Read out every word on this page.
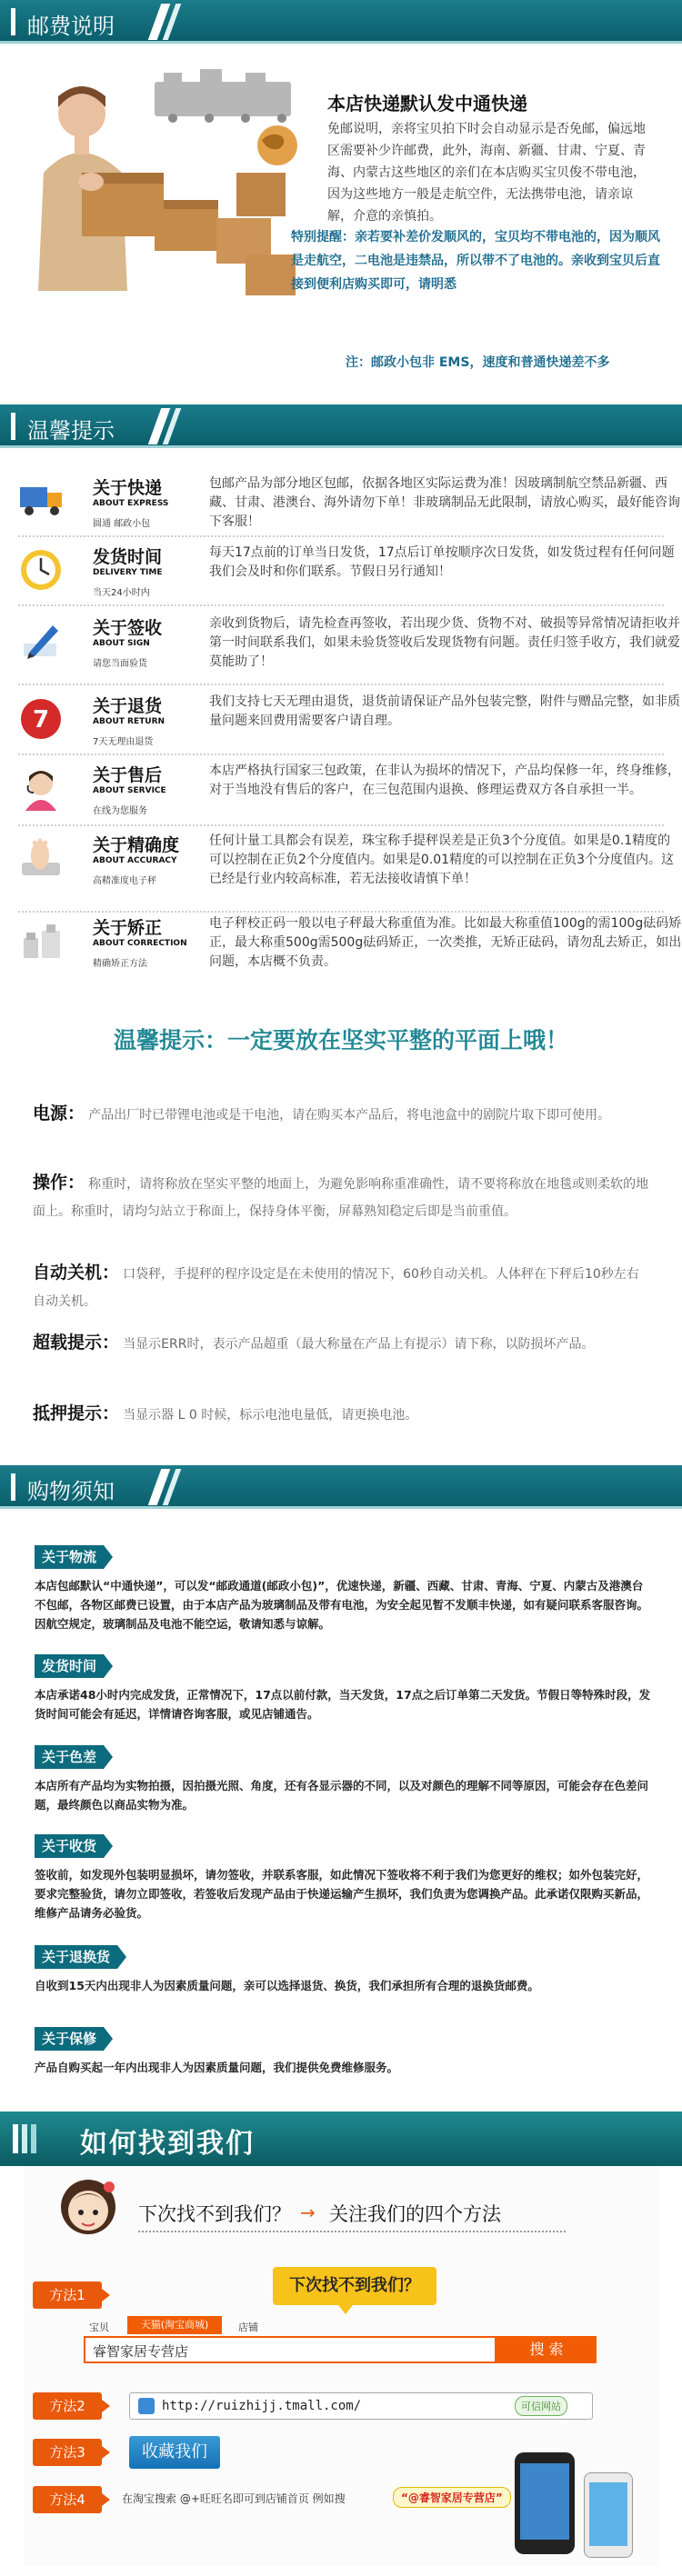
邮费说明
本店快递默认发中通快递
免邮说明，亲将宝贝拍下时会自动显示是否免邮，偏远地区需要补少许邮费，此外，海南、新疆、甘肃、宁夏、青海、内蒙古这些地区的亲们在本店购买宝贝俊不带电池，因为这些地方一般是走航空件，无法携带电池，请亲谅解，介意的亲慎拍。
特别提醒：亲若要补差价发顺风的，宝贝均不带电池的，因为顺风是走航空，二电池是违禁品，所以带不了电池的。亲收到宝贝后直接到便利店购买即可，请明悉
注：邮政小包非 EMS，速度和普通快递差不多
温馨提示
关于快递
ABOUT EXPRESS
圆通 邮政小包
包邮产品为部分地区包邮，依据各地区实际运费为准！因玻璃制航空禁品新疆、西藏、甘肃、港澳台、海外请勿下单！非玻璃制品无此限制，请放心购买，最好能咨询下客服！
发货时间
DELIVERY TIME
当天24小时内
每天17点前的订单当日发货，17点后订单按顺序次日发货，如发货过程有任何问题我们会及时和你们联系。节假日另行通知！
关于签收
ABOUT SIGN
请您当面验货
亲收到货物后，请先检查再签收，若出现少货、货物不对、破损等异常情况请拒收并第一时间联系我们，如果未验货签收后发现货物有问题。责任归签手收方，我们就爱莫能助了！
7	关于退货
ABOUT RETURN
7天无理由退货
我们支持七天无理由退货，退货前请保证产品外包装完整，附件与赠品完整，如非质量问题来回费用需要客户请自理。
关于售后
ABOUT SERVICE
在线为您服务
本店严格执行国家三包政策，在非认为损坏的情况下，产品均保修一年，终身维修，对于当地没有售后的客户，在三包范围内退换、修理运费双方各自承担一半。
关于精确度
ABOUT ACCURACY
高精准度电子秤
任何计量工具都会有误差，珠宝称手提秤误差是正负3个分度值。如果是0.1精度的可以控制在正负2个分度值内。如果是0.01精度的可以控制在正负3个分度值内。这已经是行业内较高标准，若无法接收请慎下单！
关于矫正
ABOUT CORRECTION
精确矫正方法
电子秤校正码一般以电子秤最大称重值为准。比如最大称重值100g的需100g砝码矫正，最大称重500g需500g砝码矫正，一次类推，无矫正砝码，请勿乱去矫正，如出问题，本店概不负责。
温馨提示：一定要放在坚实平整的平面上哦！
电源： 产品出厂时已带锂电池或是干电池，请在购买本产品后，将电池盒中的剧院片取下即可使用。
操作： 称重时，请将称放在坚实平整的地面上，为避免影响称重准确性，请不要将称放在地毯或则柔软的地面上。称重时，请均匀站立于称面上，保持身体平衡，屏幕熟知稳定后即是当前重值。
自动关机： 口袋秤，手提秤的程序设定是在未使用的情况下，60秒自动关机。人体秤在下秤后10秒左右自动关机。
超载提示： 当显示ERR时，表示产品超重（最大称量在产品上有提示）请下称，以防损坏产品。
抵押提示： 当显示器 L 0 时候，标示电池电量低，请更换电池。
购物须知
关于物流
本店包邮默认“中通快递”，可以发“邮政通道(邮政小包)”，优速快递，新疆、西藏、甘肃、青海、宁夏、内蒙古及港澳台不包邮，各物区邮费已设置，由于本店产品为玻璃制品及带有电池，为安全起见暂不发顺丰快递，如有疑问联系客服咨询。因航空规定，玻璃制品及电池不能空运，敬请知悉与谅解。
发货时间
本店承诺48小时内完成发货，正常情况下，17点以前付款，当天发货，17点之后订单第二天发货。节假日等特殊时段，发货时间可能会有延迟，详情请咨询客服，或见店铺通告。
关于色差
本店所有产品均为实物拍摄，因拍摄光照、角度，还有各显示器的不同，以及对颜色的理解不同等原因，可能会存在色差问题，最终颜色以商品实物为准。
关于收货
签收前，如发现外包装明显损坏，请勿签收，并联系客服，如此情况下签收将不利于我们为您更好的维权；如外包装完好，要求完整验货，请勿立即签收，若签收后发现产品由于快递运输产生损坏，我们负责为您调换产品。此承诺仅限购买新品，维修产品请务必验货。
关于退换货
自收到15天内出现非人为因素质量问题，亲可以选择退货、换货，我们承担所有合理的退换货邮费。
关于保修
产品自购买起一年内出现非人为因素质量问题，我们提供免费维修服务。
如何找到我们
下次找不到我们？ → 关注我们的四个方法
方法1	下次找不到我们？
宝贝	天猫(淘宝商城)	店铺
睿智家居专营店	搜 索
方法2	http://ruizhijj.tmall.com/	可信网站
方法3	收藏我们
方法4	在淘宝搜索 @+旺旺名即可到店铺首页 例如搜	“@睿智家居专营店”
